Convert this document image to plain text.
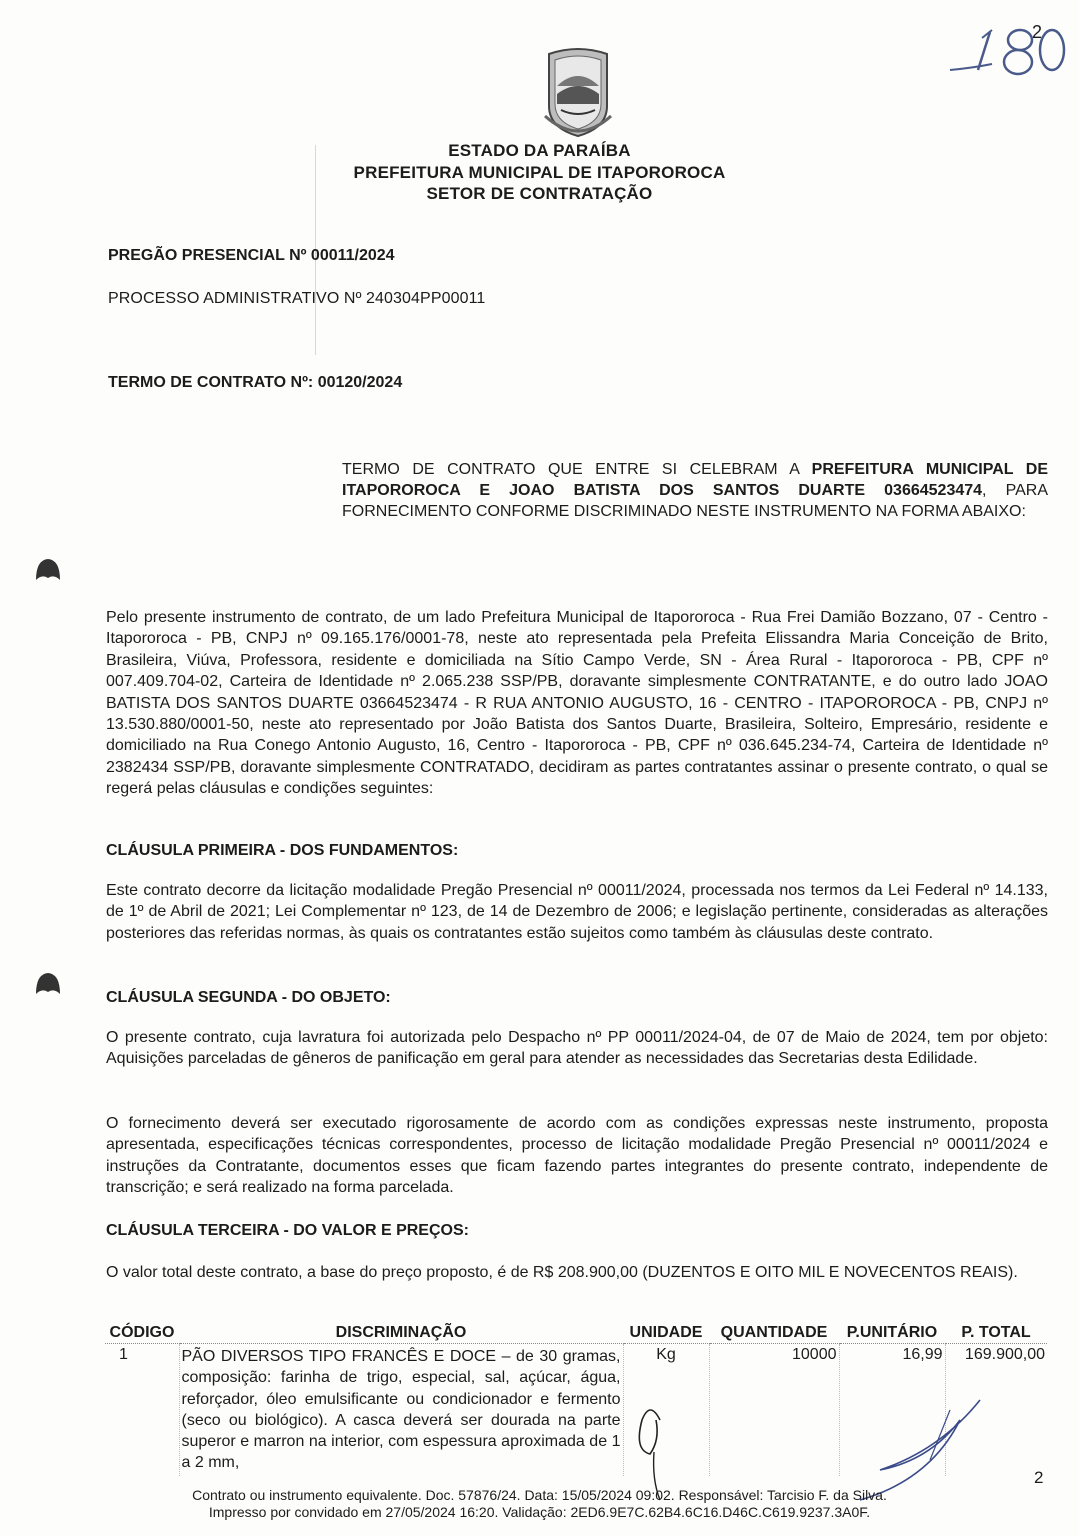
2
ESTADO DA PARAÍBA
PREFEITURA MUNICIPAL DE ITAPOROROCA
SETOR DE CONTRATAÇÃO
PREGÃO PRESENCIAL Nº 00011/2024
PROCESSO ADMINISTRATIVO Nº 240304PP00011
TERMO DE CONTRATO Nº: 00120/2024
TERMO DE CONTRATO QUE ENTRE SI CELEBRAM A PREFEITURA MUNICIPAL DE ITAPOROROCA E JOAO BATISTA DOS SANTOS DUARTE 03664523474, PARA FORNECIMENTO CONFORME DISCRIMINADO NESTE INSTRUMENTO NA FORMA ABAIXO:
Pelo presente instrumento de contrato, de um lado Prefeitura Municipal de Itapororoca - Rua Frei Damião Bozzano, 07 - Centro - Itapororoca - PB, CNPJ nº 09.165.176/0001-78, neste ato representada pela Prefeita Elissandra Maria Conceição de Brito, Brasileira, Viúva, Professora, residente e domiciliada na Sítio Campo Verde, SN - Área Rural - Itapororoca - PB, CPF nº 007.409.704-02, Carteira de Identidade nº 2.065.238 SSP/PB, doravante simplesmente CONTRATANTE, e do outro lado JOAO BATISTA DOS SANTOS DUARTE 03664523474 - R RUA ANTONIO AUGUSTO, 16 - CENTRO - ITAPOROROCA - PB, CNPJ nº 13.530.880/0001-50, neste ato representado por João Batista dos Santos Duarte, Brasileira, Solteiro, Empresário, residente e domiciliado na Rua Conego Antonio Augusto, 16, Centro - Itapororoca - PB, CPF nº 036.645.234-74, Carteira de Identidade nº 2382434 SSP/PB, doravante simplesmente CONTRATADO, decidiram as partes contratantes assinar o presente contrato, o qual se regerá pelas cláusulas e condições seguintes:
CLÁUSULA PRIMEIRA - DOS FUNDAMENTOS:
Este contrato decorre da licitação modalidade Pregão Presencial nº 00011/2024, processada nos termos da Lei Federal nº 14.133, de 1º de Abril de 2021; Lei Complementar nº 123, de 14 de Dezembro de 2006; e legislação pertinente, consideradas as alterações posteriores das referidas normas, às quais os contratantes estão sujeitos como também às cláusulas deste contrato.
CLÁUSULA SEGUNDA - DO OBJETO:
O presente contrato, cuja lavratura foi autorizada pelo Despacho nº PP 00011/2024-04, de 07 de Maio de 2024, tem por objeto: Aquisições parceladas de gêneros de panificação em geral para atender as necessidades das Secretarias desta Edilidade.
O fornecimento deverá ser executado rigorosamente de acordo com as condições expressas neste instrumento, proposta apresentada, especificações técnicas correspondentes, processo de licitação modalidade Pregão Presencial nº 00011/2024 e instruções da Contratante, documentos esses que ficam fazendo partes integrantes do presente contrato, independente de transcrição; e será realizado na forma parcelada.
CLÁUSULA TERCEIRA - DO VALOR E PREÇOS:
O valor total deste contrato, a base do preço proposto, é de R$ 208.900,00 (DUZENTOS E OITO MIL E NOVECENTOS REAIS).
CÓDIGO	DISCRIMINAÇÃO	UNIDADE	QUANTIDADE	P.UNITÁRIO	P. TOTAL
1	PÃO DIVERSOS TIPO FRANCÊS E DOCE – de 30 gramas, composição: farinha de trigo, especial, sal, açúcar, água, reforçador, óleo emulsificante ou condicionador e fermento (seco ou biológico). A casca deverá ser dourada na parte superor e marron na interior, com espessura aproximada de 1 a 2 mm,	Kg	10000	16,99	169.900,00
2
Contrato ou instrumento equivalente. Doc. 57876/24. Data: 15/05/2024 09:02. Responsável: Tarcisio F. da Silva.
Impresso por convidado em 27/05/2024 16:20. Validação: 2ED6.9E7C.62B4.6C16.D46C.C619.9237.3A0F.
